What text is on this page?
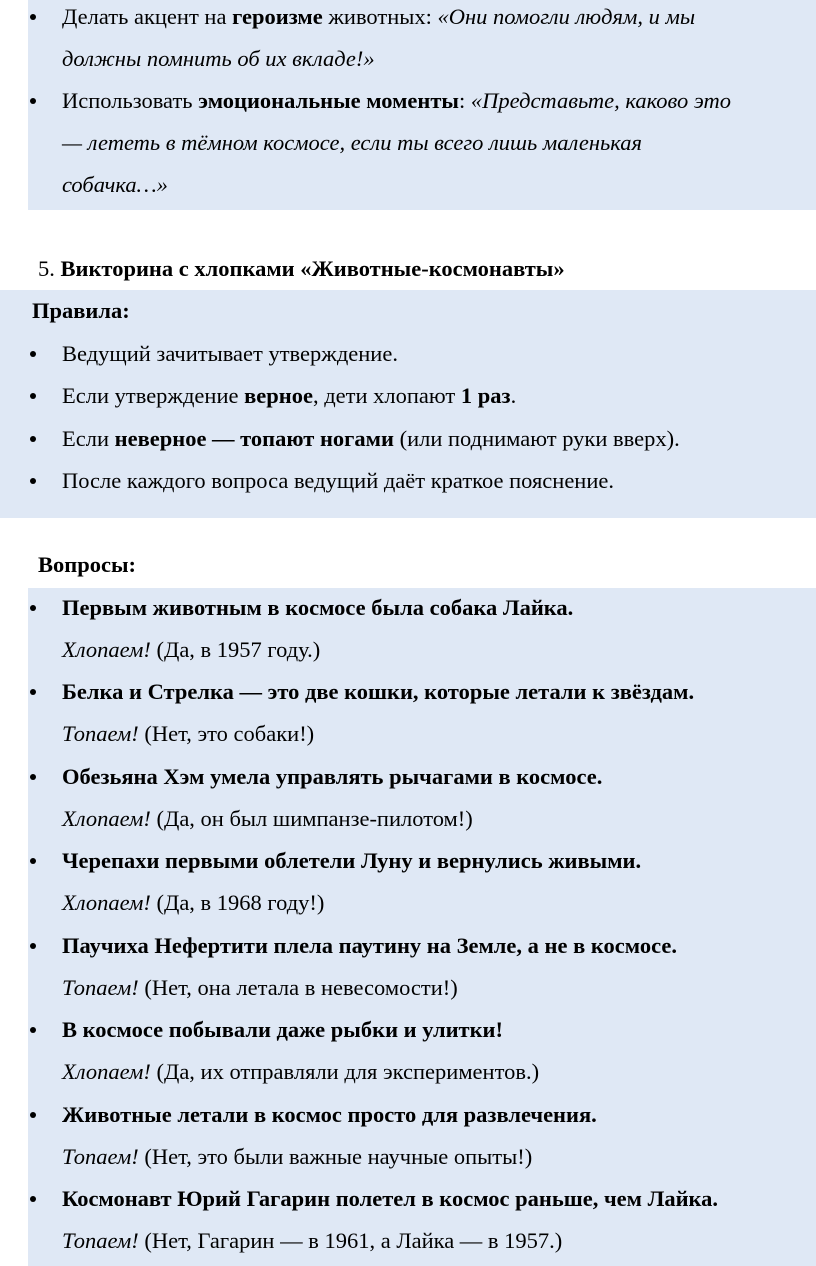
Делать акцент на героизме животных: «Они помогли людям, и мы
должны помнить об их вкладе!»
Использовать эмоциональные моменты: «Представьте, каково это
— лететь в тёмном космосе, если ты всего лишь маленькая
собачка…»
5. Викторина с хлопками «Животные-космонавты»
Правила:
Ведущий зачитывает утверждение.
Если утверждение верное, дети хлопают 1 раз.
Если неверное — топают ногами (или поднимают руки вверх).
После каждого вопроса ведущий даёт краткое пояснение.
Вопросы:
Первым животным в космосе была собака Лайка.
Хлопаем! (Да, в 1957 году.)
Белка и Стрелка — это две кошки, которые летали к звёздам.
Топаем! (Нет, это собаки!)
Обезьяна Хэм умела управлять рычагами в космосе.
Хлопаем! (Да, он был шимпанзе-пилотом!)
Черепахи первыми облетели Луну и вернулись живыми.
Хлопаем! (Да, в 1968 году!)
Паучиха Нефертити плела паутину на Земле, а не в космосе.
Топаем! (Нет, она летала в невесомости!)
В космосе побывали даже рыбки и улитки!
Хлопаем! (Да, их отправляли для экспериментов.)
Животные летали в космос просто для развлечения.
Топаем! (Нет, это были важные научные опыты!)
Космонавт Юрий Гагарин полетел в космос раньше, чем Лайка.
Топаем! (Нет, Гагарин — в 1961, а Лайка — в 1957.)
